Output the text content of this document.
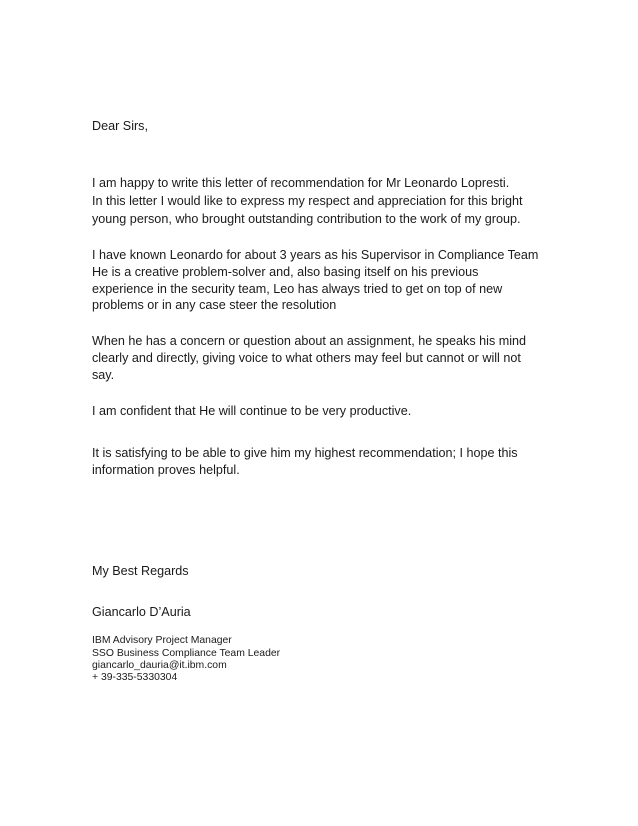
Dear Sirs,

I am happy to write this letter of recommendation for Mr Leonardo Lopresti.

In this letter I would like to express my respect and appreciation for this bright

young person, who brought outstanding contribution to the work of my group.

I have known Leonardo for about 3 years as his Supervisor in Compliance Team

He is a creative problem-solver and, also basing itself on his previous

experience in the security team, Leo has always tried to get on top of new

problems or in any case steer the resolution

When he has a concern or question about an assignment, he speaks his mind

clearly and directly, giving voice to what others may feel but cannot or will not

say.

I am confident that He will continue to be very productive.

It is satisfying to be able to give him my highest recommendation; I hope this

information proves helpful.

My Best Regards

Giancarlo D’Auria

IBM Advisory Project Manager

SSO Business Compliance Team Leader

giancarlo_dauria@it.ibm.com

+ 39-335-5330304
